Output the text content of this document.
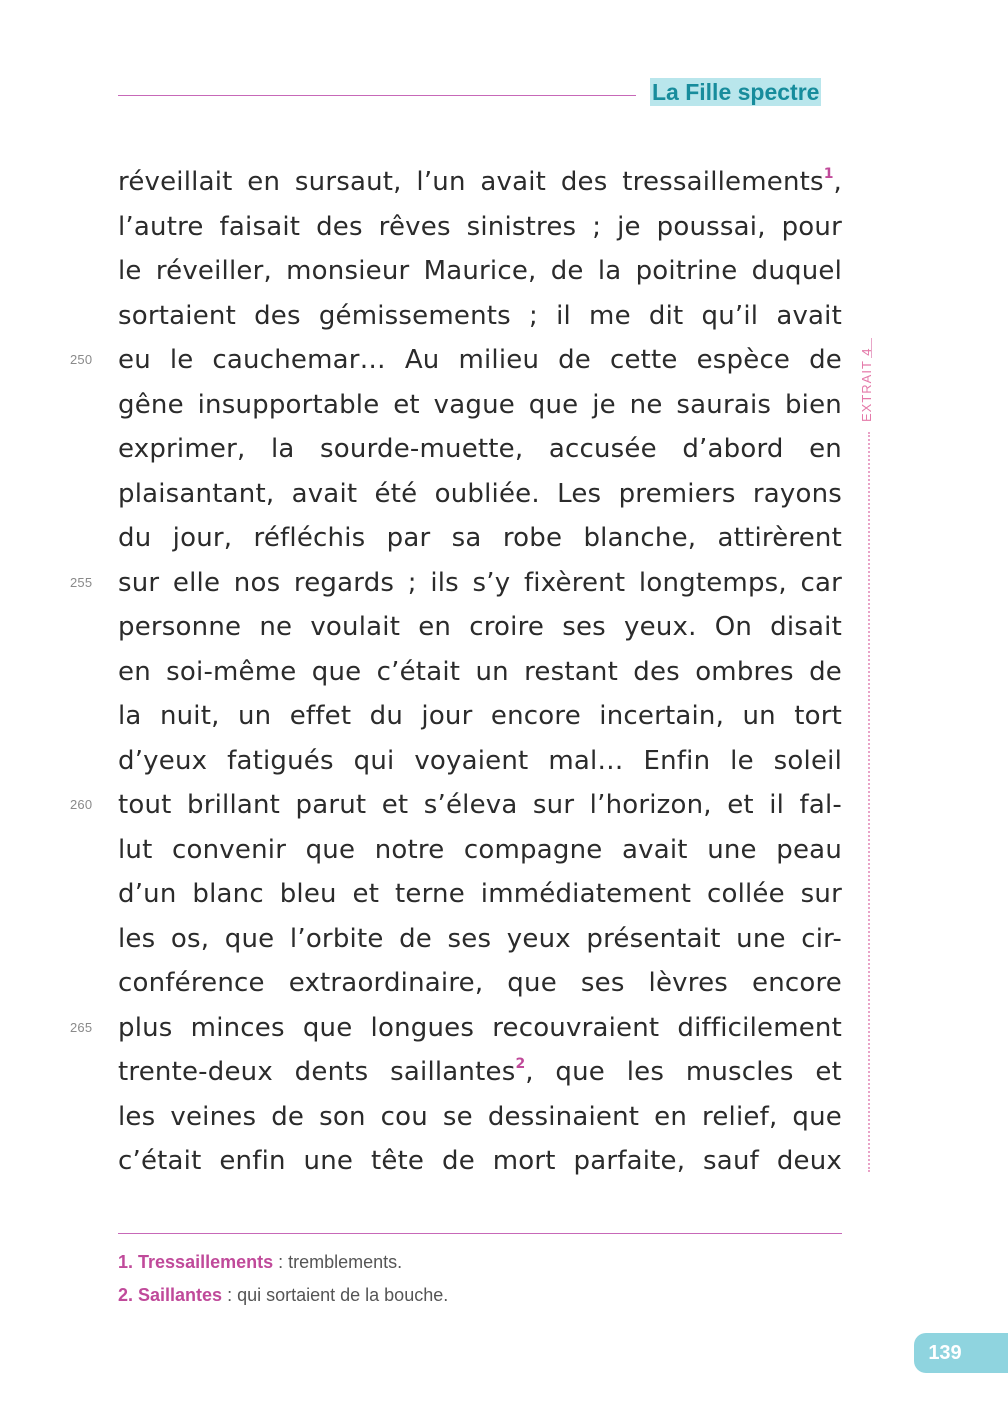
La Fille spectre
réveillait en sursaut, l’un avait des tressaillements$^1$,
l’autre faisait des rêves sinistres ; je poussai, pour
le réveiller, monsieur Maurice, de la poitrine duquel
sortaient des gémissements ; il me dit qu’il avait
eu le cauchemar… Au milieu de cette espèce de
250
gêne insupportable et vague que je ne saurais bien
exprimer, la sourde-muette, accusée d’abord en
plaisantant, avait été oubliée. Les premiers rayons
du jour, réfléchis par sa robe blanche, attirèrent
sur elle nos regards ; ils s’y fixèrent longtemps, car
255
personne ne voulait en croire ses yeux. On disait
en soi-même que c’était un restant des ombres de
la nuit, un effet du jour encore incertain, un tort
d’yeux fatigués qui voyaient mal… Enfin le soleil
tout brillant parut et s’éleva sur l’horizon, et il fal-
260
lut convenir que notre compagne avait une peau
d’un blanc bleu et terne immédiatement collée sur
les os, que l’orbite de ses yeux présentait une cir-
conférence extraordinaire, que ses lèvres encore
plus minces que longues recouvraient difficilement
265
trente-deux dents saillantes$^2$, que les muscles et
les veines de son cou se dessinaient en relief, que
c’était enfin une tête de mort parfaite, sauf deux
EXTRAIT 4
1. Tressaillements : tremblements.
2. Saillantes : qui sortaient de la bouche.
139
